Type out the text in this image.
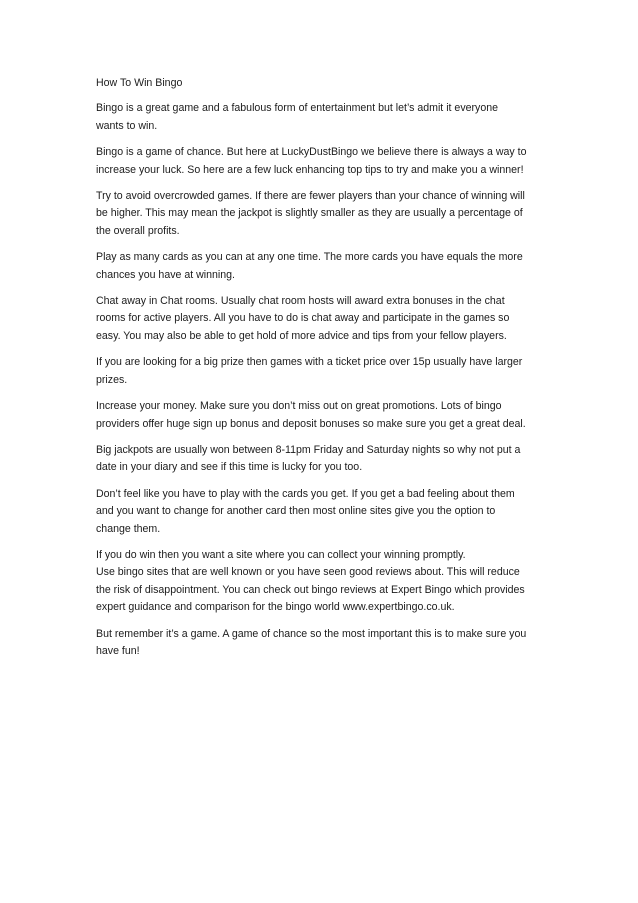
How To Win Bingo

Bingo is a great game and a fabulous form of entertainment but let’s admit it everyone
wants to win.

Bingo is a game of chance. But here at LuckyDustBingo we believe there is always a way to
increase your luck. So here are a few luck enhancing top tips to try and make you a winner!

Try to avoid overcrowded games. If there are fewer players than your chance of winning will
be higher. This may mean the jackpot is slightly smaller as they are usually a percentage of
the overall profits.

Play as many cards as you can at any one time. The more cards you have equals the more
chances you have at winning.

Chat away in Chat rooms. Usually chat room hosts will award extra bonuses in the chat
rooms for active players. All you have to do is chat away and participate in the games so
easy. You may also be able to get hold of more advice and tips from your fellow players.

If you are looking for a big prize then games with a ticket price over 15p usually have larger
prizes.

Increase your money. Make sure you don’t miss out on great promotions. Lots of bingo
providers offer huge sign up bonus and deposit bonuses so make sure you get a great deal.

Big jackpots are usually won between 8-11pm Friday and Saturday nights so why not put a
date in your diary and see if this time is lucky for you too.

Don’t feel like you have to play with the cards you get. If you get a bad feeling about them
and you want to change for another card then most online sites give you the option to
change them.

If you do win then you want a site where you can collect your winning promptly.
Use bingo sites that are well known or you have seen good reviews about. This will reduce
the risk of disappointment. You can check out bingo reviews at Expert Bingo which provides
expert guidance and comparison for the bingo world www.expertbingo.co.uk.

But remember it’s a game. A game of chance so the most important this is to make sure you
have fun!
